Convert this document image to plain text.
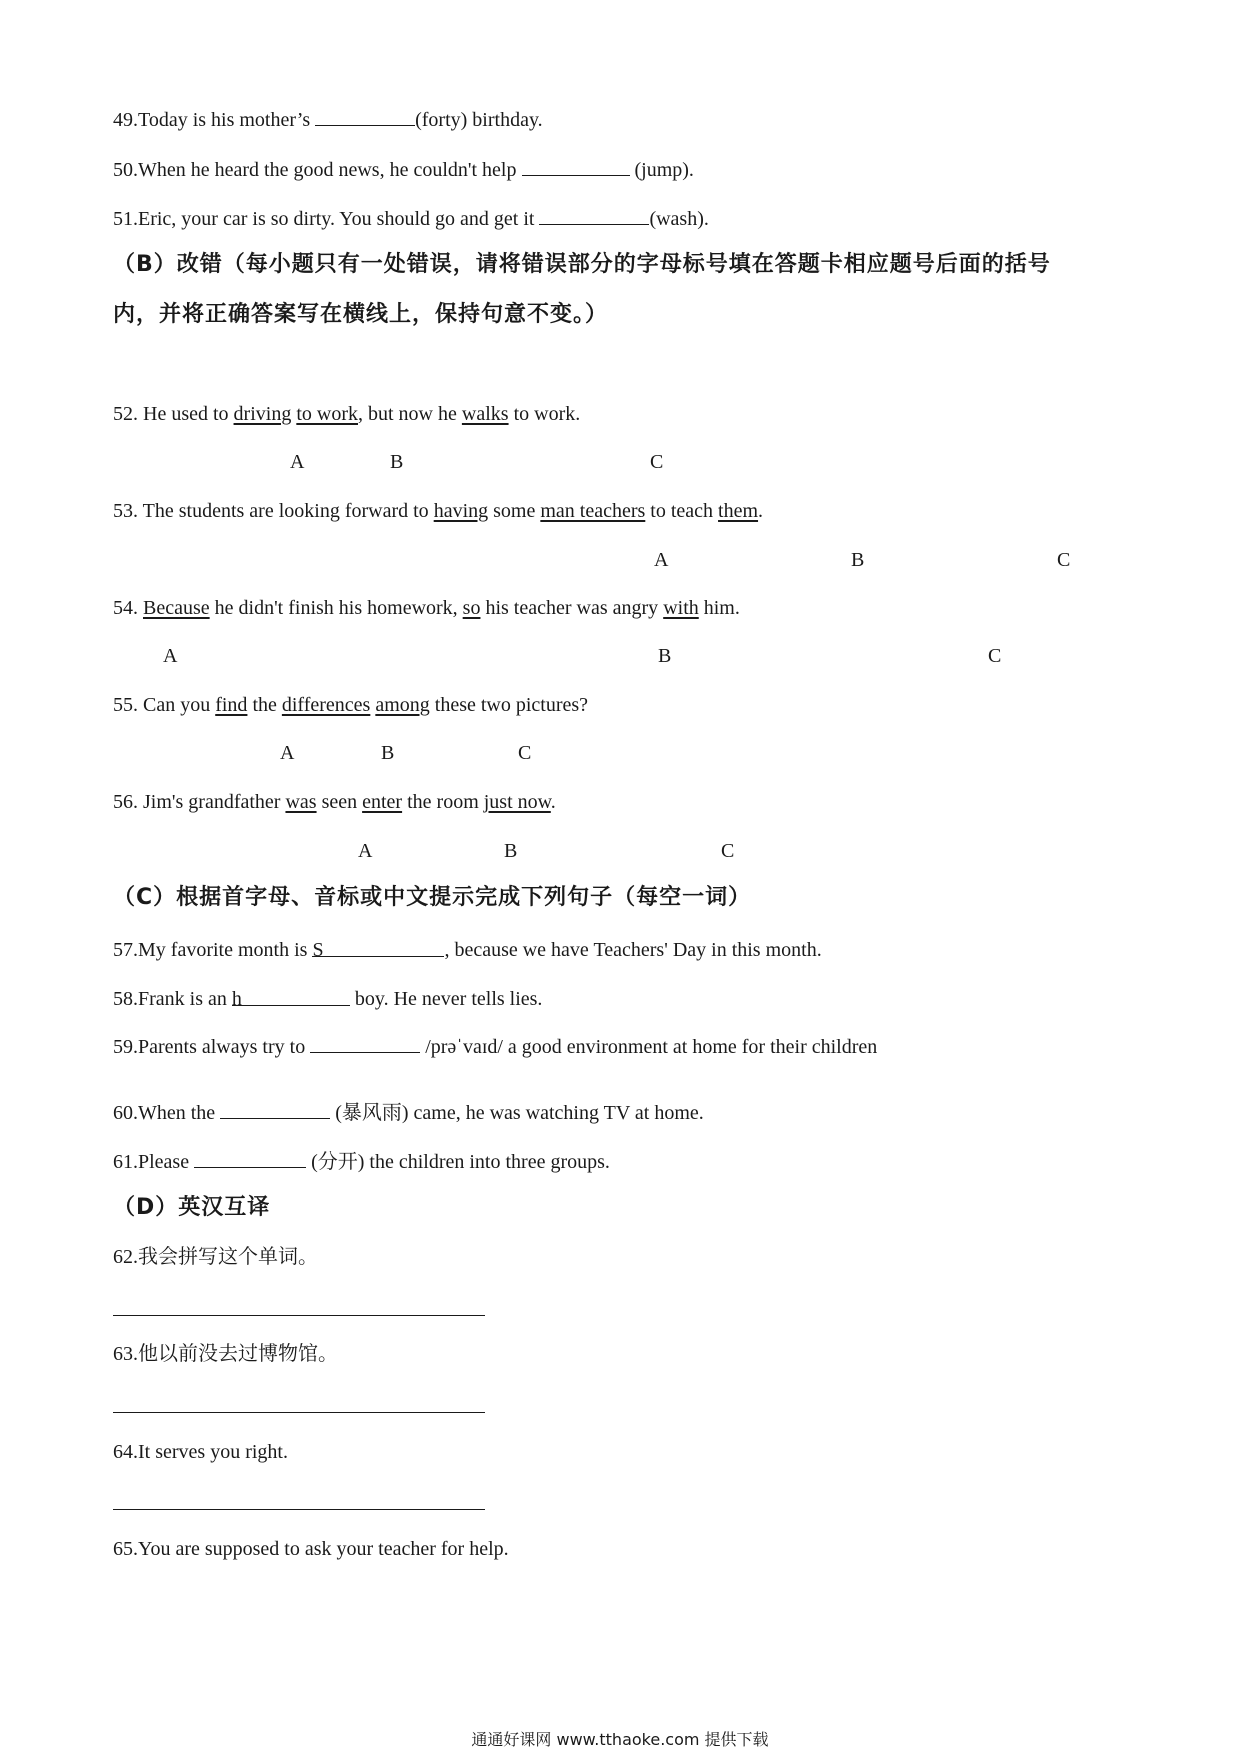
49.Today is his mother’s	(forty) birthday.
50.When he heard the good news, he couldn't help	(jump).
51.Eric, your car is so dirty. You should go and get it	(wash).
（B）改错（每小题只有一处错误，请将错误部分的字母标号填在答题卡相应题号后面的括号
内，并将正确答案写在横线上，保持句意不变。）
52. He used to driving to work, but now he walks to work.
A	B	C
53. The students are looking forward to having some man teachers to teach them.
A	B	C
54. Because he didn't finish his homework, so his teacher was angry with him.
A	B	C
55. Can you find the differences among these two pictures?
A	B	C
56. Jim's grandfather was seen enter the room just now.
A	B	C
（C）根据首字母、音标或中文提示完成下列句子（每空一词）
57.My favorite month is S	, because we have Teachers' Day in this month.
58.Frank is an h	boy. He never tells lies.
59.Parents always try to	/prəˈvaɪd/ a good environment at home for their children
60.When the	(暴风雨) came, he was watching TV at home.
61.Please	(分开) the children into three groups.
（D）英汉互译
62.我会拼写这个单词。
63.他以前没去过博物馆。
64.It serves you right.
65.You are supposed to ask your teacher for help.
通通好课网 www.tthaoke.com 提供下载
